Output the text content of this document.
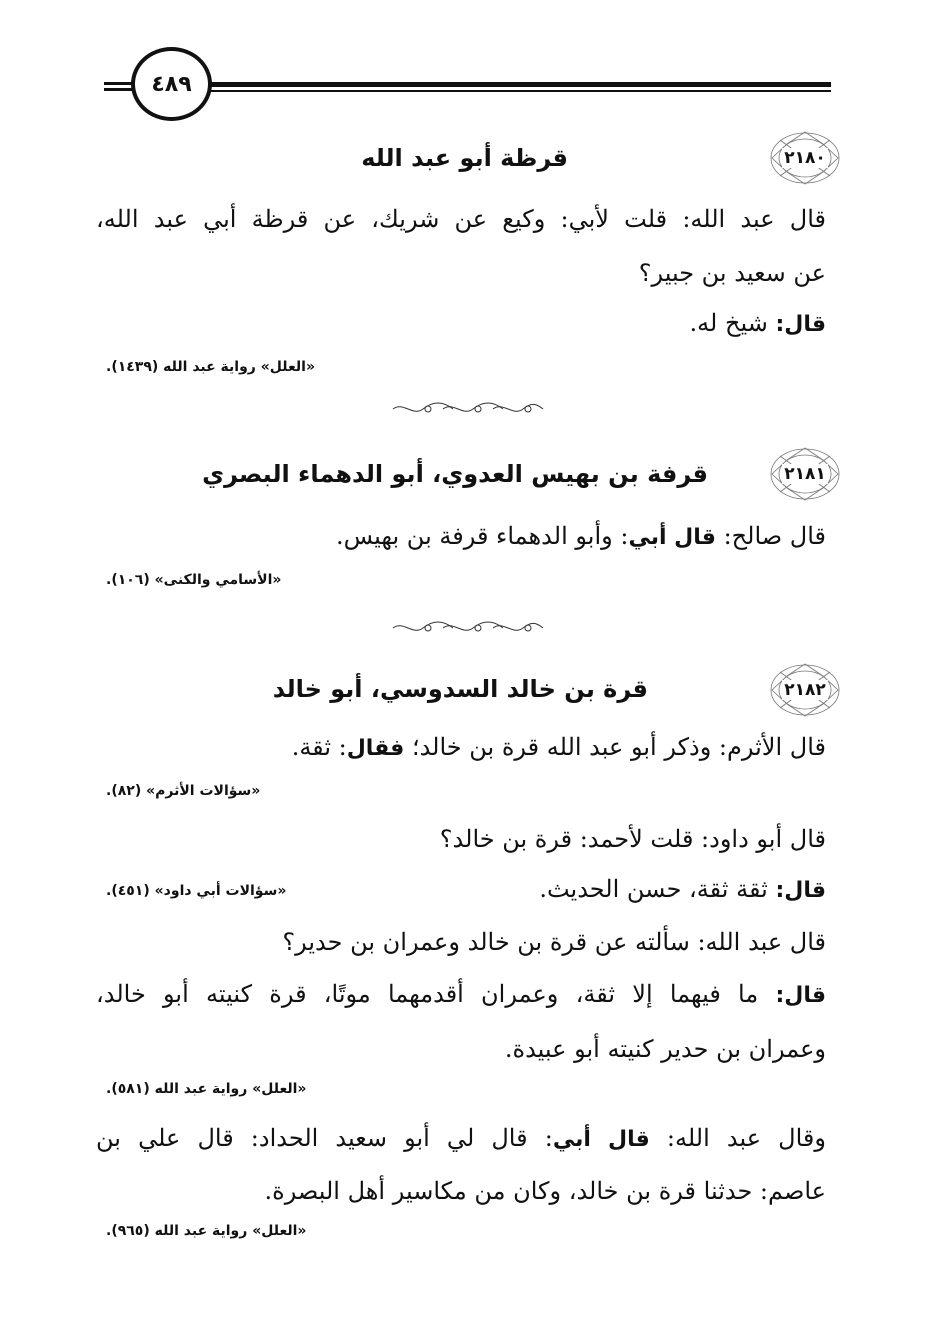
٤٨٩
٢١٨٠
قرظة أبو عبد الله
قال عبد الله: قلت لأبي: وكيع عن شريك، عن قرظة أبي عبد الله،
عن سعيد بن جبير؟
قال: شيخ له.
«العلل» رواية عبد الله (١٤٣٩).
٢١٨١
قرفة بن بهيس العدوي، أبو الدهماء البصري
قال صالح: قال أبي: وأبو الدهماء قرفة بن بهيس.
«الأسامي والكنى» (١٠٦).
٢١٨٢
قرة بن خالد السدوسي، أبو خالد
قال الأثرم: وذكر أبو عبد الله قرة بن خالد؛ فقال: ثقة.
«سؤالات الأثرم» (٨٢).
قال أبو داود: قلت لأحمد: قرة بن خالد؟
قال: ثقة ثقة، حسن الحديث.
«سؤالات أبي داود» (٤٥١).
قال عبد الله: سألته عن قرة بن خالد وعمران بن حدير؟
قال: ما فيهما إلا ثقة، وعمران أقدمهما موتًا، قرة كنيته أبو خالد،
وعمران بن حدير كنيته أبو عبيدة.
«العلل» رواية عبد الله (٥٨١).
وقال عبد الله: قال أبي: قال لي أبو سعيد الحداد: قال علي بن
عاصم: حدثنا قرة بن خالد، وكان من مكاسير أهل البصرة.
«العلل» رواية عبد الله (٩٦٥).
